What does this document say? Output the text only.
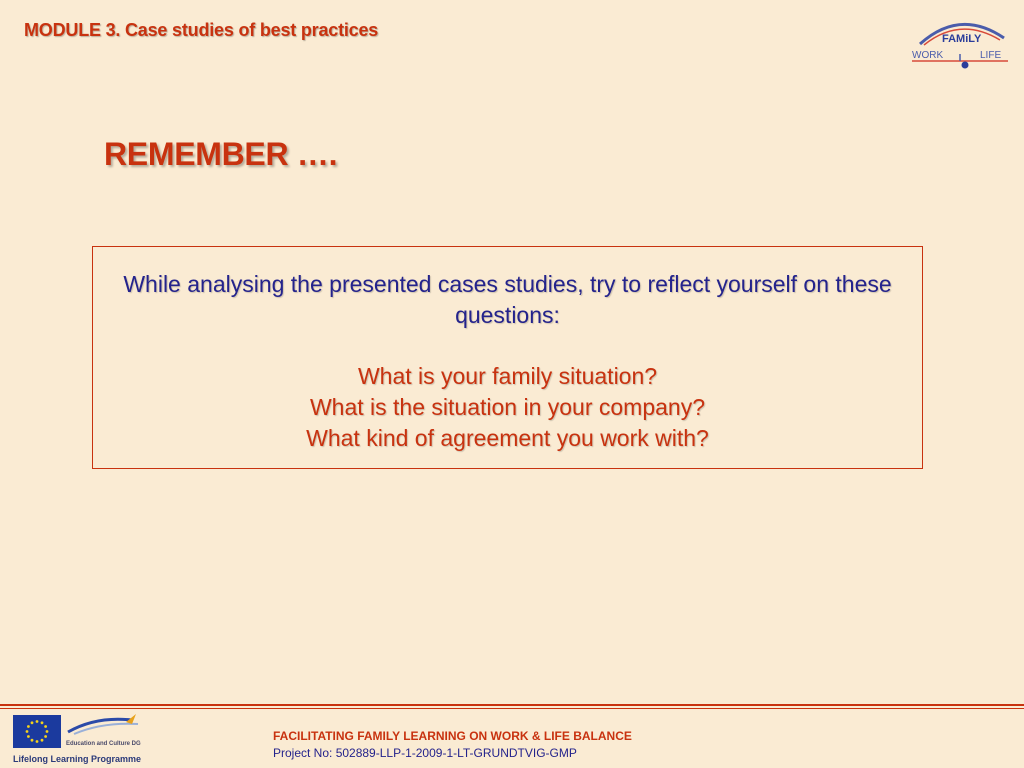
MODULE 3. Case studies of best practices	FAMiLY
WORK	LIFE
REMEMBER ….
While analysing the presented cases studies, try to reflect yourself on these questions:
What is your family situation?
What is the situation in your company?
What kind of agreement you work with?
Education and Culture DG
Lifelong Learning Programme
FACILITATING FAMILY LEARNING ON WORK & LIFE BALANCE
Project No: 502889-LLP-1-2009-1-LT-GRUNDTVIG-GMP
